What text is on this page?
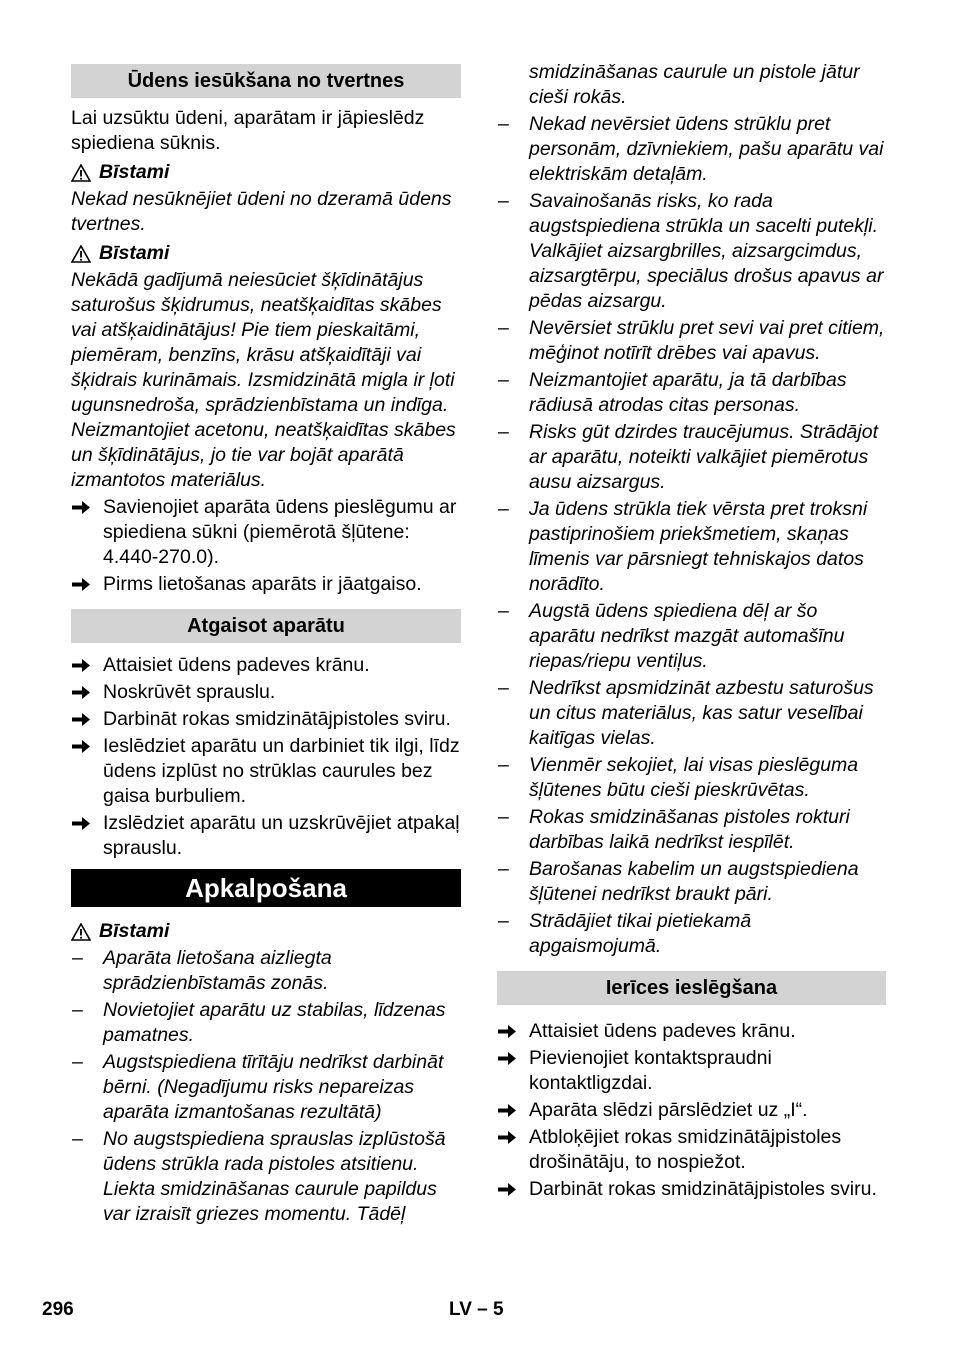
Ūdens iesūkšana no tvertnes

Lai uzsūktu ūdeni, aparātam ir jāpieslēdz spiediena sūknis.

Bīstami

Nekad nesūknējiet ūdeni no dzeramā ūdens tvertnes.

Bīstami

Nekādā gadījumā neiesūciet šķīdinātājus saturošus šķidrumus, neatšķaidītas skābes vai atšķaidinātājus! Pie tiem pieskaitāmi, piemēram, benzīns, krāsu atšķaidītāji vai šķidrais kurināmais. Izsmidzinātā migla ir ļoti ugunsnedroša, sprādzienbīstama un indīga. Neizmantojiet acetonu, neatšķaidītas skābes un šķīdinātājus, jo tie var bojāt aparātā izmantotos materiālus.

Savienojiet aparāta ūdens pieslēgumu ar spiediena sūkni (piemērotā šļūtene: 4.440-270.0).
Pirms lietošanas aparāts ir jāatgaiso.
Atgaisot aparātu
Attaisiet ūdens padeves krānu.
Noskrūvēt sprauslu.
Darbināt rokas smidzinātājpistoles sviru.
Ieslēdziet aparātu un darbiniet tik ilgi, līdz ūdens izplūst no strūklas caurules bez gaisa burbuliem.
Izslēdziet aparātu un uzskrūvējiet atpakaļ sprauslu.
Apkalpošana
Bīstami
–	Aparāta lietošana aizliegta sprādzienbīstamās zonās.
–	Novietojiet aparātu uz stabilas, līdzenas pamatnes.
–	Augstspiediena tīrītāju nedrīkst darbināt bērni. (Negadījumu risks nepareizas aparāta izmantošanas rezultātā)
–	No augstspiediena sprauslas izplūstošā ūdens strūkla rada pistoles atsitienu. Liekta smidzināšanas caurule papildus var izraisīt griezes momentu. Tādēļ
smidzināšanas caurule un pistole jātur cieši rokās.
–	Nekad nevērsiet ūdens strūklu pret personām, dzīvniekiem, pašu aparātu vai elektriskām detaļām.
–	Savainošanās risks, ko rada augstspiediena strūkla un sacelti putekļi. Valkājiet aizsargbrilles, aizsargcimdus, aizsargtērpu, speciālus drošus apavus ar pēdas aizsargu.
–	Nevērsiet strūklu pret sevi vai pret citiem, mēģinot notīrīt drēbes vai apavus.
–	Neizmantojiet aparātu, ja tā darbības rādiusā atrodas citas personas.
–	Risks gūt dzirdes traucējumus. Strādājot ar aparātu, noteikti valkājiet piemērotus ausu aizsargus.
–	Ja ūdens strūkla tiek vērsta pret troksni pastiprinošiem priekšmetiem, skaņas līmenis var pārsniegt tehniskajos datos norādīto.
–	Augstā ūdens spiediena dēļ ar šo aparātu nedrīkst mazgāt automašīnu riepas/riepu ventiļus.
–	Nedrīkst apsmidzināt azbestu saturošus un citus materiālus, kas satur veselībai kaitīgas vielas.
–	Vienmēr sekojiet, lai visas pieslēguma šļūtenes būtu cieši pieskrūvētas.
–	Rokas smidzināšanas pistoles rokturi darbības laikā nedrīkst iespīlēt.
–	Barošanas kabelim un augstspiediena šļūtenei nedrīkst braukt pāri.
–	Strādājiet tikai pietiekamā apgaismojumā.
Ierīces ieslēgšana
Attaisiet ūdens padeves krānu.
Pievienojiet kontaktspraudni kontaktligzdai.
Aparāta slēdzi pārslēdziet uz „I“.
Atbloķējiet rokas smidzinātājpistoles drošinātāju, to nospiežot.
Darbināt rokas smidzinātājpistoles sviru.
296	LV – 5
